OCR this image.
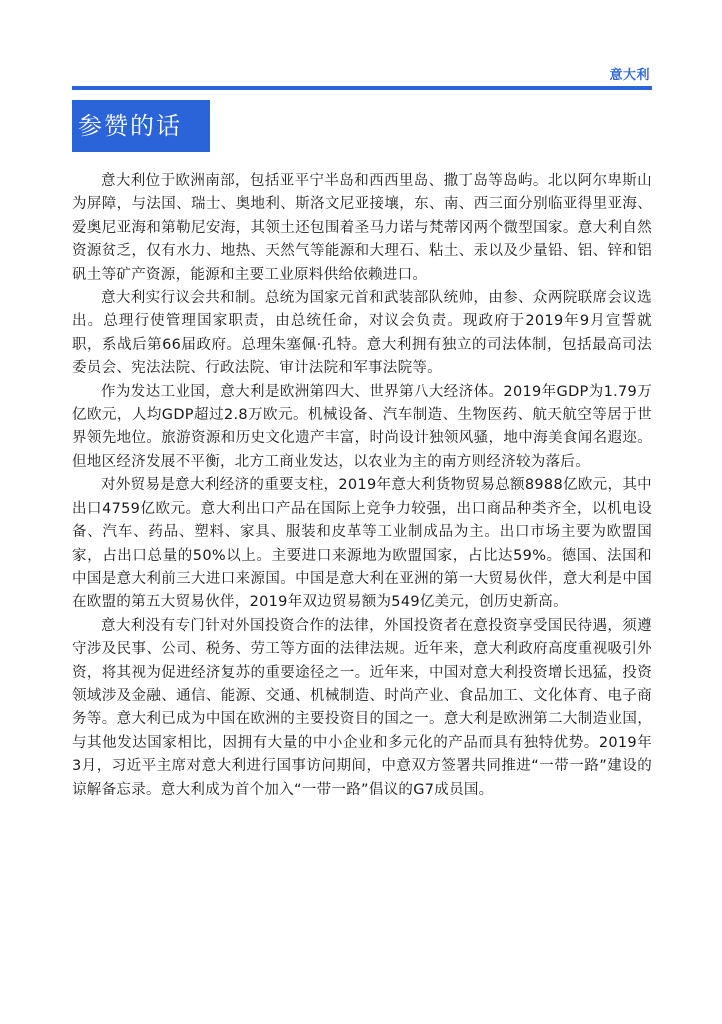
意大利
参赞的话

意大利位于欧洲南部，包括亚平宁半岛和西西里岛、撒丁岛等岛屿。北以阿尔卑斯山为屏障，与法国、瑞士、奥地利、斯洛文尼亚接壤，东、南、西三面分别临亚得里亚海、爱奥尼亚海和第勒尼安海，其领土还包围着圣马力诺与梵蒂冈两个微型国家。意大利自然资源贫乏，仅有水力、地热、天然气等能源和大理石、粘土、汞以及少量铅、铝、锌和铝矾土等矿产资源，能源和主要工业原料供给依赖进口。

意大利实行议会共和制。总统为国家元首和武装部队统帅，由参、众两院联席会议选出。总理行使管理国家职责，由总统任命，对议会负责。现政府于2019年9月宣誓就职，系战后第66届政府。总理朱塞佩·孔特。意大利拥有独立的司法体制，包括最高司法委员会、宪法法院、行政法院、审计法院和军事法院等。

作为发达工业国，意大利是欧洲第四大、世界第八大经济体。2019年GDP为1.79万亿欧元，人均GDP超过2.8万欧元。机械设备、汽车制造、生物医药、航天航空等居于世界领先地位。旅游资源和历史文化遗产丰富，时尚设计独领风骚，地中海美食闻名遐迩。但地区经济发展不平衡，北方工商业发达，以农业为主的南方则经济较为落后。

对外贸易是意大利经济的重要支柱，2019年意大利货物贸易总额8988亿欧元，其中出口4759亿欧元。意大利出口产品在国际上竞争力较强，出口商品种类齐全，以机电设备、汽车、药品、塑料、家具、服装和皮革等工业制成品为主。出口市场主要为欧盟国家，占出口总量的50%以上。主要进口来源地为欧盟国家，占比达59%。德国、法国和中国是意大利前三大进口来源国。中国是意大利在亚洲的第一大贸易伙伴，意大利是中国在欧盟的第五大贸易伙伴，2019年双边贸易额为549亿美元，创历史新高。

意大利没有专门针对外国投资合作的法律，外国投资者在意投资享受国民待遇，须遵守涉及民事、公司、税务、劳工等方面的法律法规。近年来，意大利政府高度重视吸引外资，将其视为促进经济复苏的重要途径之一。近年来，中国对意大利投资增长迅猛，投资领域涉及金融、通信、能源、交通、机械制造、时尚产业、食品加工、文化体育、电子商务等。意大利已成为中国在欧洲的主要投资目的国之一。意大利是欧洲第二大制造业国，与其他发达国家相比，因拥有大量的中小企业和多元化的产品而具有独特优势。2019年3月，习近平主席对意大利进行国事访问期间，中意双方签署共同推进“一带一路”建设的谅解备忘录。意大利成为首个加入“一带一路”倡议的G7成员国。
